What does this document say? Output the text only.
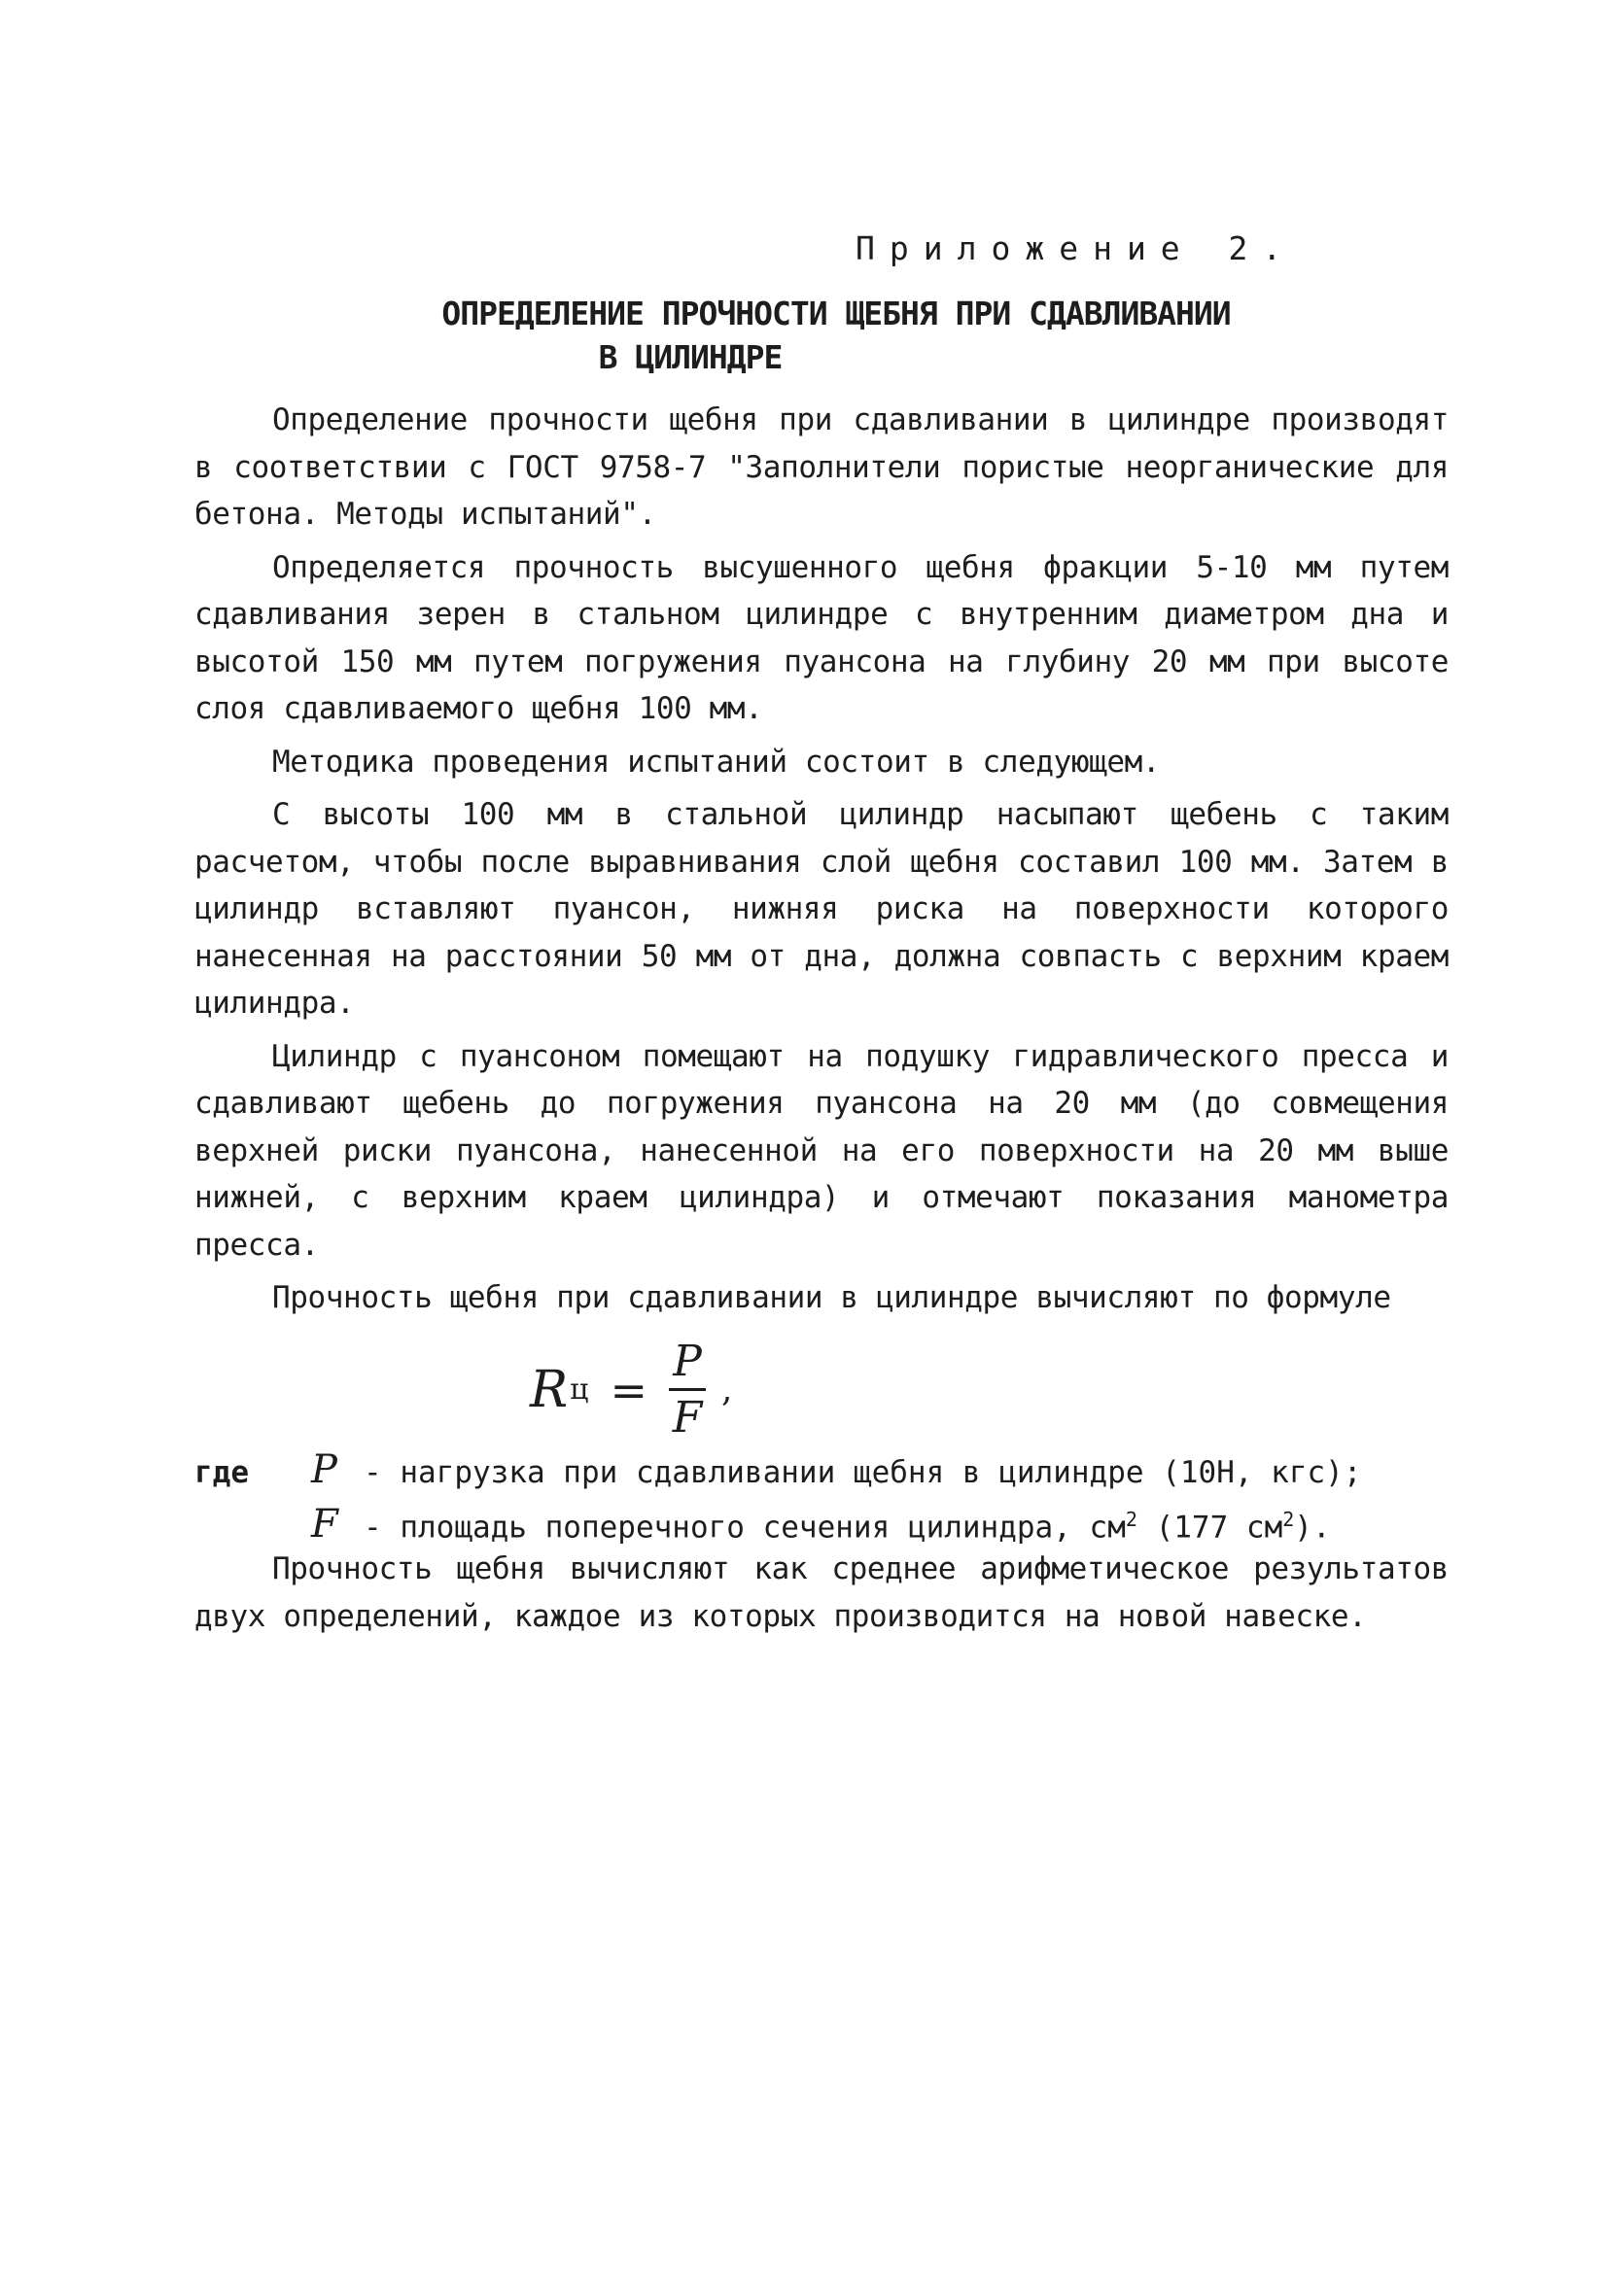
Приложение 2.
ОПРЕДЕЛЕНИЕ ПРОЧНОСТИ ЩЕБНЯ ПРИ СДАВЛИВАНИИ
В ЦИЛИНДРЕ

Определение прочности щебня при сдавливании в цилиндре производят в соответствии с ГОСТ 9758-7 "Заполнители пористые неорганические для бетона. Методы испытаний".

Определяется прочность высушенного щебня фракции 5-10 мм путем сдавливания зерен в стальном цилиндре с внутренним диаметром дна и высотой 150 мм путем погружения пуансона на глубину 20 мм при высоте слоя сдавливаемого щебня 100 мм.

Методика проведения испытаний состоит в следующем.

С высоты 100 мм в стальной цилиндр насыпают щебень с таким расчетом, чтобы после выравнивания слой щебня составил 100 мм. Затем в цилиндр вставляют пуансон, нижняя риска на поверхности которого нанесенная на расстоянии 50 мм от дна, должна совпасть с верхним краем цилиндра.

Цилиндр с пуансоном помещают на подушку гидравлического пресса и сдавливают щебень до погружения пуансона на 20 мм (до совмещения верхней риски пуансона, нанесенной на его поверхности на 20 мм выше нижней, с верхним краем цилиндра) и отмечают показания манометра пресса.

Прочность щебня при сдавливании в цилиндре вычисляют по формуле

R $ц = \frac{P}{F}$ ,
где	P - нагрузка при сдавливании щебня в цилиндре (10Н, кгс);
F - площадь поперечного сечения цилиндра, $см^2$ (177 $см^2$).

Прочность щебня вычисляют как среднее арифметическое результатов двух определений, каждое из которых производится на новой навеске.
